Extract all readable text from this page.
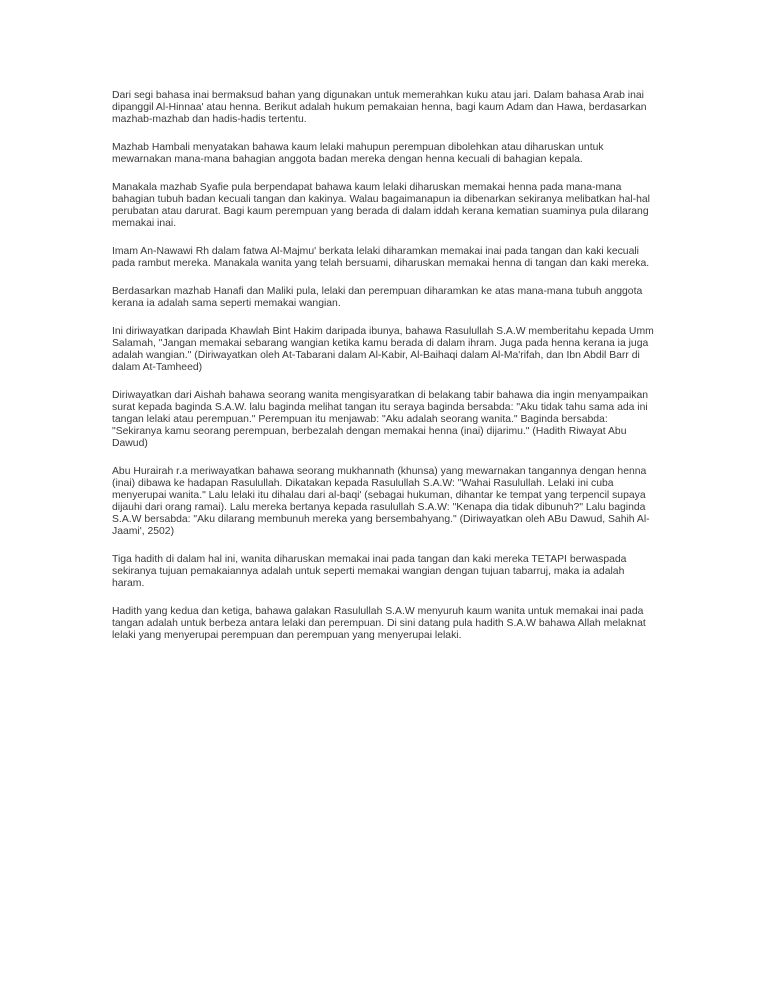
Dari segi bahasa inai bermaksud bahan yang digunakan untuk memerahkan kuku atau jari. Dalam bahasa Arab inai dipanggil Al-Hinnaa' atau henna. Berikut adalah hukum pemakaian henna, bagi kaum Adam dan Hawa, berdasarkan mazhab-mazhab dan hadis-hadis tertentu.

Mazhab Hambali menyatakan bahawa kaum lelaki mahupun perempuan dibolehkan atau diharuskan untuk mewarnakan mana-mana bahagian anggota badan mereka dengan henna kecuali di bahagian kepala.

Manakala mazhab Syafie pula berpendapat bahawa kaum lelaki diharuskan memakai henna pada mana-mana bahagian tubuh badan kecuali tangan dan kakinya. Walau bagaimanapun ia dibenarkan sekiranya melibatkan hal-hal perubatan atau darurat. Bagi kaum perempuan yang berada di dalam iddah kerana kematian suaminya pula dilarang memakai inai.

Imam An-Nawawi Rh dalam fatwa Al-Majmu' berkata lelaki diharamkan memakai inai pada tangan dan kaki kecuali pada rambut mereka. Manakala wanita yang telah bersuami, diharuskan memakai henna di tangan dan kaki mereka.

Berdasarkan mazhab Hanafi dan Maliki pula, lelaki dan perempuan diharamkan ke atas mana-mana tubuh anggota kerana ia adalah sama seperti memakai wangian.

Ini diriwayatkan daripada Khawlah Bint Hakim daripada ibunya, bahawa Rasulullah S.A.W memberitahu kepada Umm Salamah, "Jangan memakai sebarang wangian ketika kamu berada di dalam ihram. Juga pada henna kerana ia juga adalah wangian." (Diriwayatkan oleh At-Tabarani dalam Al-Kabir, Al-Baihaqi dalam Al-Ma'rifah, dan Ibn Abdil Barr di dalam At-Tamheed)

Diriwayatkan dari Aishah bahawa seorang wanita mengisyaratkan di belakang tabir bahawa dia ingin menyampaikan surat kepada baginda S.A.W. lalu baginda melihat tangan itu seraya baginda bersabda: "Aku tidak tahu sama ada ini tangan lelaki atau perempuan." Perempuan itu menjawab: "Aku adalah seorang wanita." Baginda bersabda: "Sekiranya kamu seorang perempuan, berbezalah dengan memakai henna (inai) dijarimu." (Hadith Riwayat Abu Dawud)

Abu Hurairah r.a meriwayatkan bahawa seorang mukhannath (khunsa) yang mewarnakan tangannya dengan henna (inai) dibawa ke hadapan Rasulullah. Dikatakan kepada Rasulullah S.A.W: "Wahai Rasulullah. Lelaki ini cuba menyerupai wanita." Lalu lelaki itu dihalau dari al-baqi' (sebagai hukuman, dihantar ke tempat yang terpencil supaya dijauhi dari orang ramai). Lalu mereka bertanya kepada rasulullah S.A.W: "Kenapa dia tidak dibunuh?" Lalu baginda S.A.W bersabda: "Aku dilarang membunuh mereka yang bersembahyang." (Diriwayatkan oleh ABu Dawud, Sahih Al-Jaami', 2502)

Tiga hadith di dalam hal ini, wanita diharuskan memakai inai pada tangan dan kaki mereka TETAPI berwaspada sekiranya tujuan pemakaiannya adalah untuk seperti memakai wangian dengan tujuan tabarruj, maka ia adalah haram.

Hadith yang kedua dan ketiga, bahawa galakan Rasulullah S.A.W menyuruh kaum wanita untuk memakai inai pada tangan adalah untuk berbeza antara lelaki dan perempuan. Di sini datang pula hadith S.A.W bahawa Allah melaknat lelaki yang menyerupai perempuan dan perempuan yang menyerupai lelaki.
